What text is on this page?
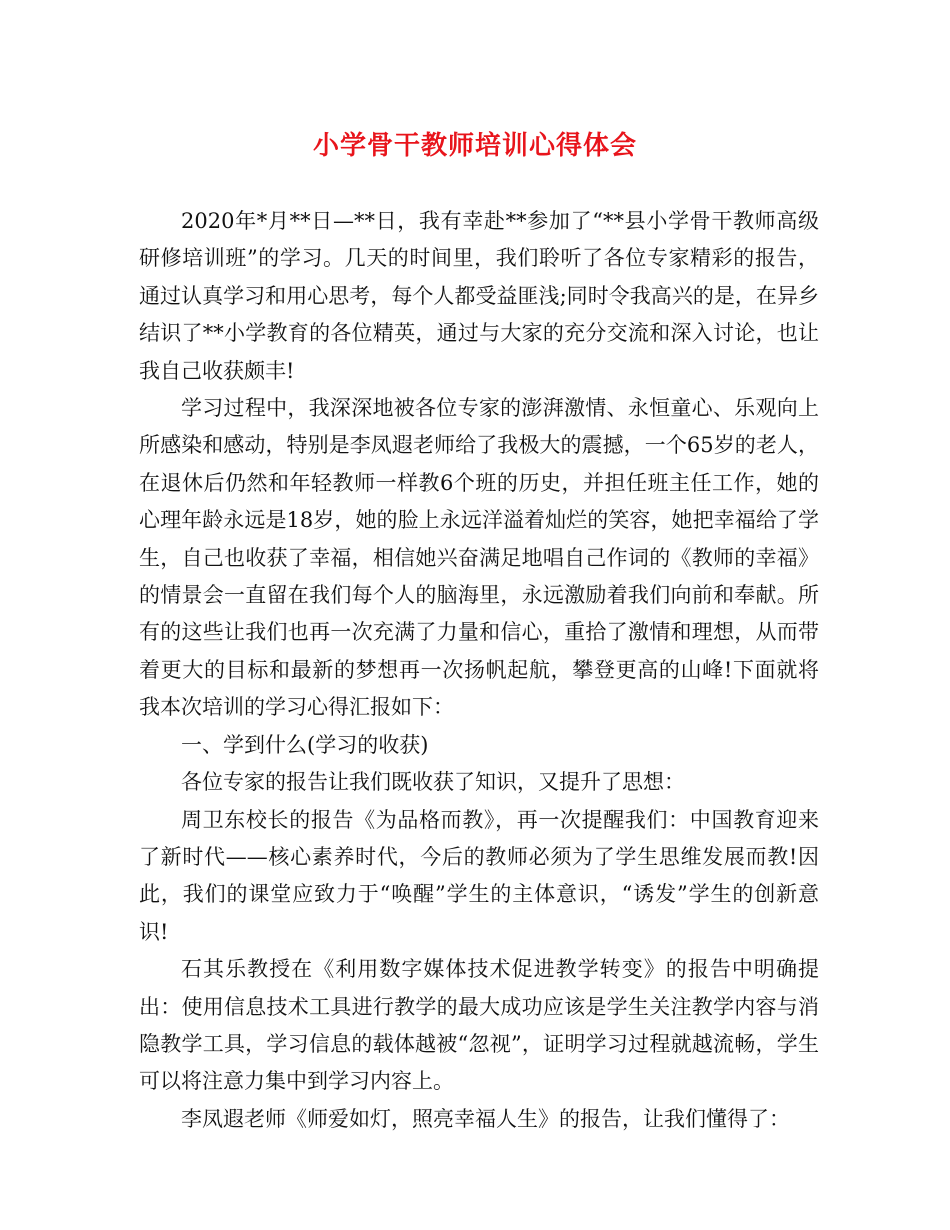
小学骨干教师培训心得体会

2020年*月**日—**日，我有幸赴**参加了“**县小学骨干教师高级研修培训班”的学习。几天的时间里，我们聆听了各位专家精彩的报告，通过认真学习和用心思考，每个人都受益匪浅;同时令我高兴的是，在异乡结识了**小学教育的各位精英，通过与大家的充分交流和深入讨论，也让我自己收获颇丰!

学习过程中，我深深地被各位专家的澎湃激情、永恒童心、乐观向上所感染和感动，特别是李凤遐老师给了我极大的震撼，一个65岁的老人，在退休后仍然和年轻教师一样教6个班的历史，并担任班主任工作，她的心理年龄永远是18岁，她的脸上永远洋溢着灿烂的笑容，她把幸福给了学生，自己也收获了幸福，相信她兴奋满足地唱自己作词的《教师的幸福》的情景会一直留在我们每个人的脑海里，永远激励着我们向前和奉献。所有的这些让我们也再一次充满了力量和信心，重拾了激情和理想，从而带着更大的目标和最新的梦想再一次扬帆起航，攀登更高的山峰!下面就将我本次培训的学习心得汇报如下：

一、学到什么(学习的收获)

各位专家的报告让我们既收获了知识，又提升了思想：

周卫东校长的报告《为品格而教》，再一次提醒我们：中国教育迎来了新时代——核心素养时代，今后的教师必须为了学生思维发展而教!因此，我们的课堂应致力于“唤醒”学生的主体意识，“诱发”学生的创新意识!

石其乐教授在《利用数字媒体技术促进教学转变》的报告中明确提出：使用信息技术工具进行教学的最大成功应该是学生关注教学内容与消隐教学工具，学习信息的载体越被“忽视”，证明学习过程就越流畅，学生可以将注意力集中到学习内容上。

李凤遐老师《师爱如灯，照亮幸福人生》的报告，让我们懂得了：
